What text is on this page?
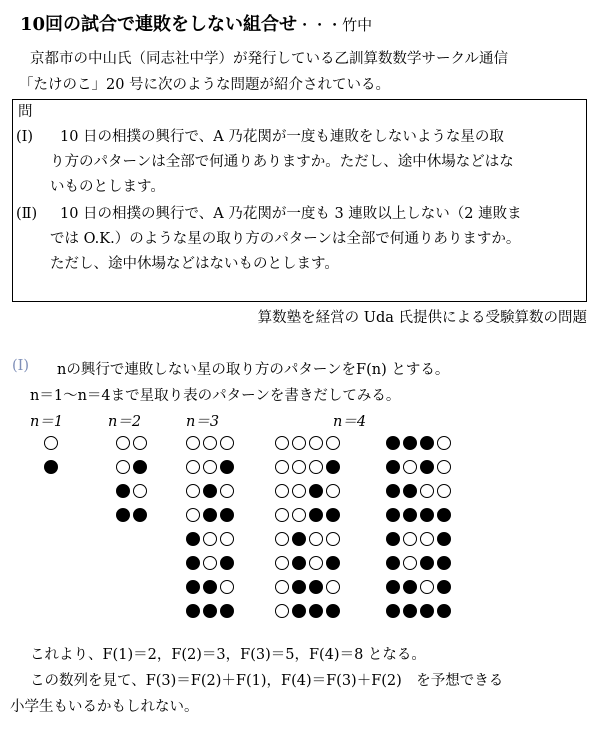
10回の試合で連敗をしない組合せ・・・竹中
京都市の中山氏（同志社中学）が発行している乙訓算数数学サークル通信
「たけのこ」20 号に次のような問題が紹介されている。
問
(Ⅰ) 10 日の相撲の興行で、A 乃花関が一度も連敗をしないような星の取
り方のパターンは全部で何通りありますか。ただし、途中休場などはな
いものとします。
(Ⅱ) 10 日の相撲の興行で、A 乃花関が一度も 3 連敗以上しない（2 連敗ま
では O.K.）のような星の取り方のパターンは全部で何通りありますか。
ただし、途中休場などはないものとします。
算数塾を経営の Uda 氏提供による受験算数の問題
(Ⅰ) nの興行で連敗しない星の取り方のパターンをF(n) とする。
n＝1～n＝4まで星取り表のパターンを書きだしてみる。
n＝1	n＝2	n＝3	n＝4
これより、F(1)＝2，F(2)＝3，F(3)＝5，F(4)＝8 となる。
この数列を見て、F(3)＝F(2)＋F(1)，F(4)＝F(3)＋F(2)　を予想できる
小学生もいるかもしれない。
